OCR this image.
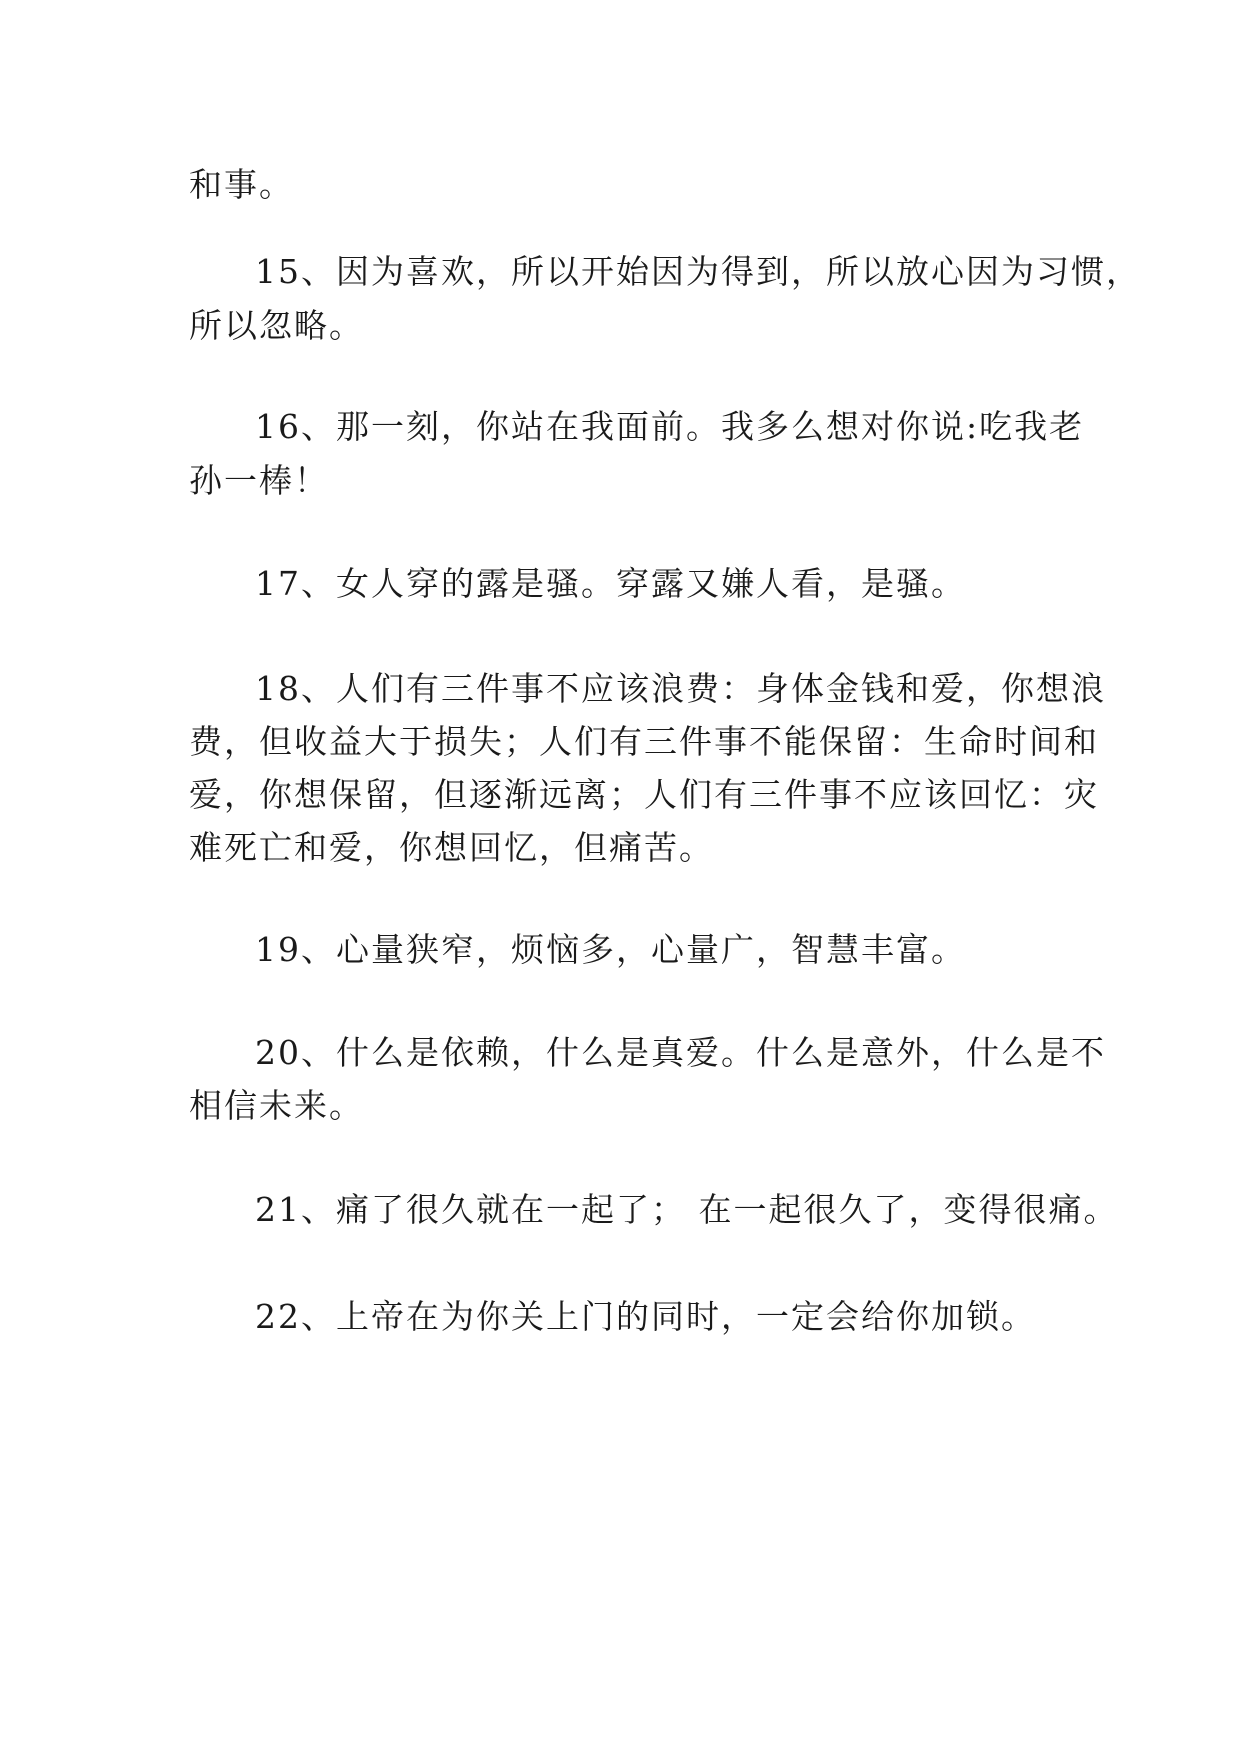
和事。
15、因为喜欢，所以开始因为得到，所以放心因为习惯，
所以忽略。
16、那一刻，你站在我面前。我多么想对你说:吃我老
孙一棒！
17、女人穿的露是骚。穿露又嫌人看，是骚。
18、人们有三件事不应该浪费：身体金钱和爱，你想浪
费，但收益大于损失；人们有三件事不能保留：生命时间和
爱，你想保留，但逐渐远离；人们有三件事不应该回忆：灾
难死亡和爱，你想回忆，但痛苦。
19、心量狭窄，烦恼多，心量广，智慧丰富。
20、什么是依赖，什么是真爱。什么是意外，什么是不
相信未来。
21、痛了很久就在一起了； 在一起很久了，变得很痛。
22、上帝在为你关上门的同时，一定会给你加锁。
